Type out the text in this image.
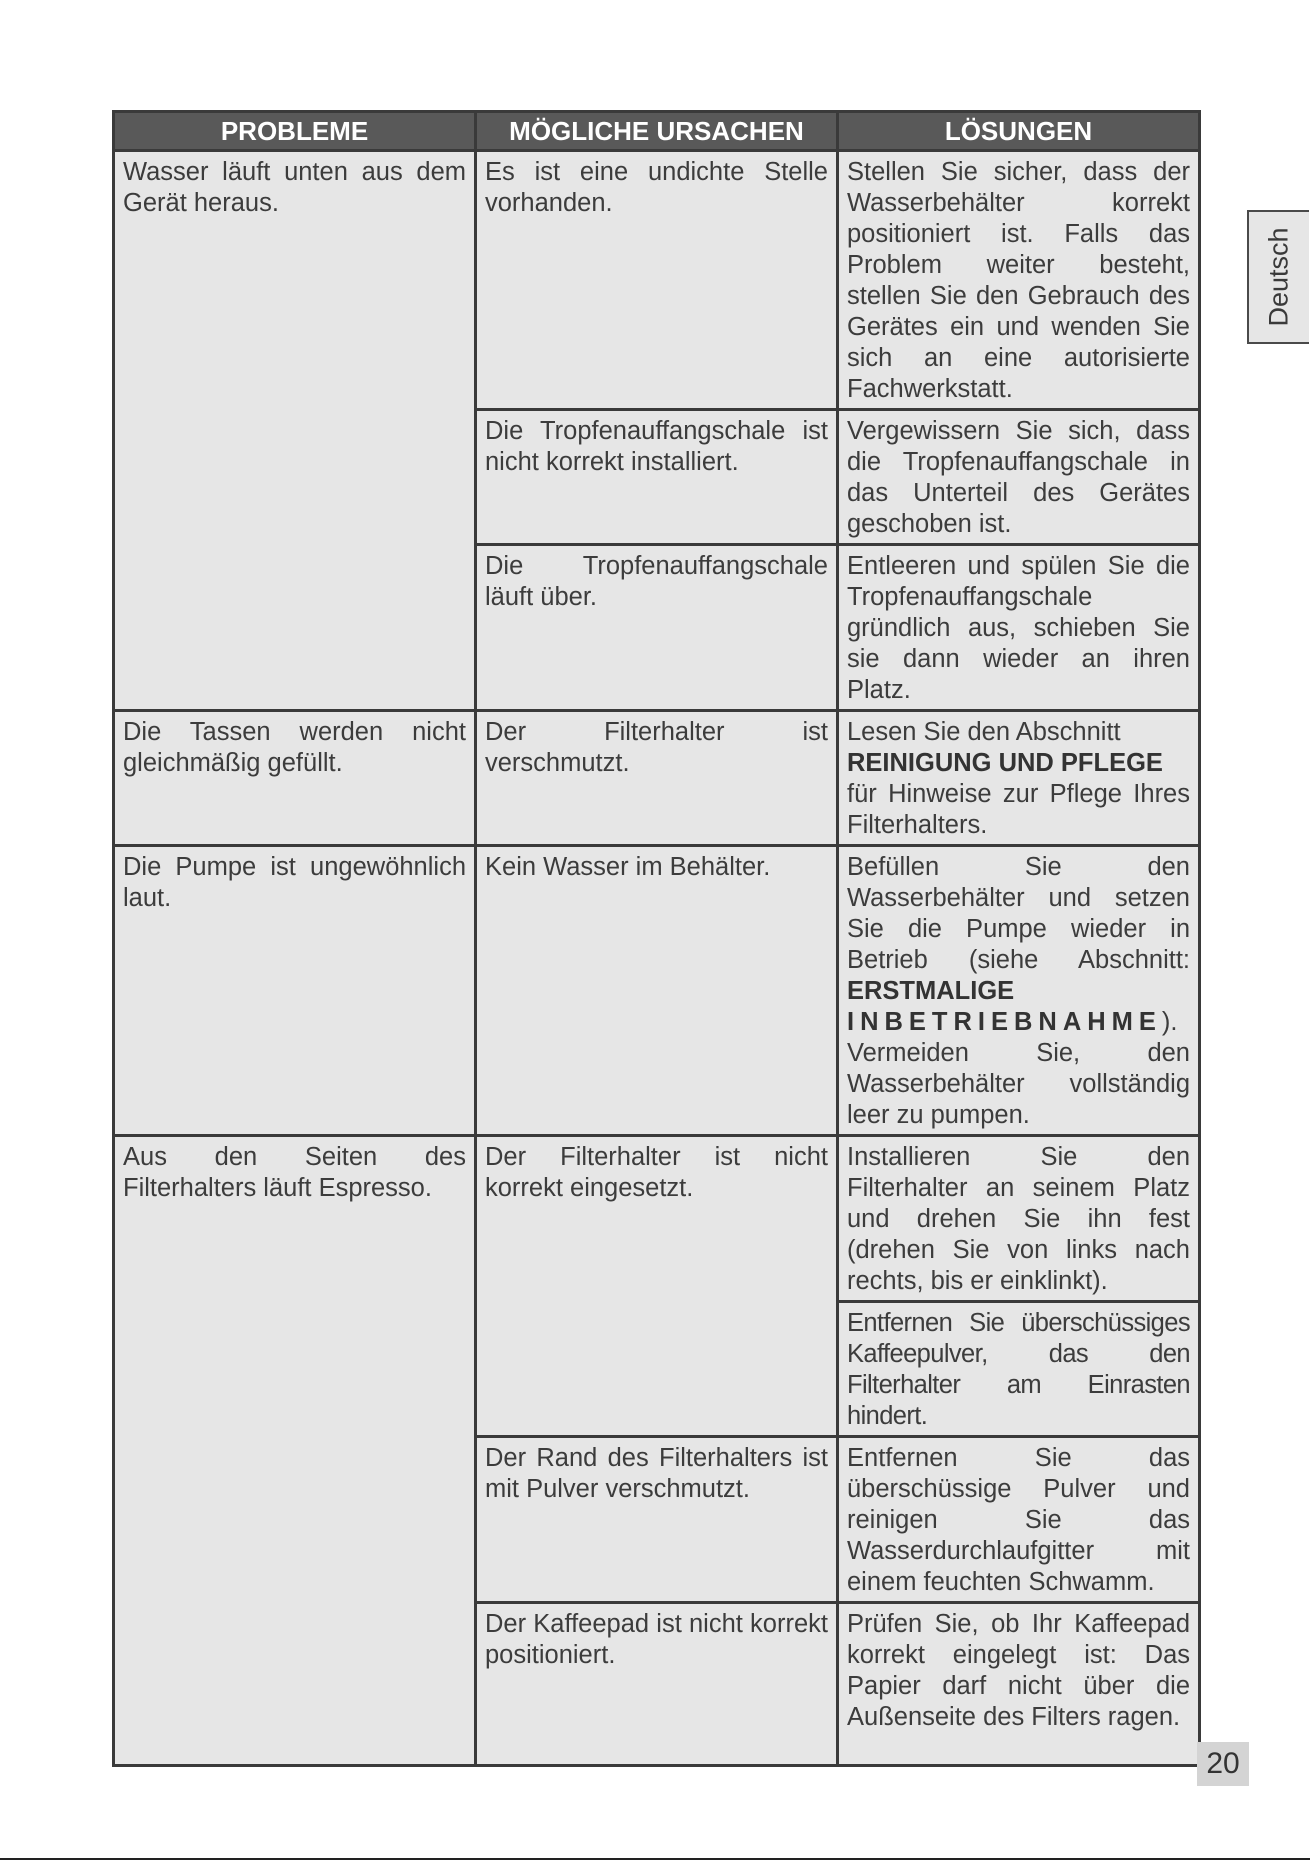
PROBLEME	MÖGLICHE URSACHEN	LÖSUNGEN

Wasser läuft unten aus dem Gerät heraus.	Es ist eine undichte Stelle vorhanden.	Stellen Sie sicher, dass der Wasserbehälter korrekt positioniert ist. Falls das Problem weiter besteht, stellen Sie den Gebrauch des Gerätes ein und wenden Sie sich an eine autorisierte Fachwerkstatt.

	Die Tropfenauffangschale ist nicht korrekt installiert.	Vergewissern Sie sich, dass die Tropfenauffangschale in das Unterteil des Gerätes geschoben ist.

	Die Tropfenauffangschale läuft über.	Entleeren und spülen Sie die Tropfenauffangschale gründlich aus, schieben Sie sie dann wieder an ihren Platz.

Die Tassen werden nicht gleichmäßig gefüllt.	Der Filterhalter ist verschmutzt.	Lesen Sie den Abschnitt
REINIGUNG UND PFLEGE
für Hinweise zur Pflege Ihres Filterhalters.

Die Pumpe ist ungewöhnlich laut.	Kein Wasser im Behälter.	Befüllen Sie den Wasserbehälter und setzen Sie die Pumpe wieder in Betrieb (siehe Abschnitt: ERSTMALIGE
INBETRIEBNAHME). Vermeiden Sie, den Wasserbehälter vollständig leer zu pumpen.

Aus den Seiten des Filterhalters läuft Espresso.	Der Filterhalter ist nicht korrekt eingesetzt.	Installieren Sie den Filterhalter an seinem Platz und drehen Sie ihn fest (drehen Sie von links nach rechts, bis er einklinkt).

		Entfernen Sie überschüssiges Kaffeepulver, das den Filterhalter am Einrasten hindert.

	Der Rand des Filterhalters ist mit Pulver verschmutzt.	Entfernen Sie das überschüssige Pulver und reinigen Sie das Wasserdurchlaufgitter mit einem feuchten Schwamm.

	Der Kaffeepad ist nicht korrekt positioniert.	Prüfen Sie, ob Ihr Kaffeepad korrekt eingelegt ist: Das Papier darf nicht über die Außenseite des Filters ragen.
Deutsch
20
